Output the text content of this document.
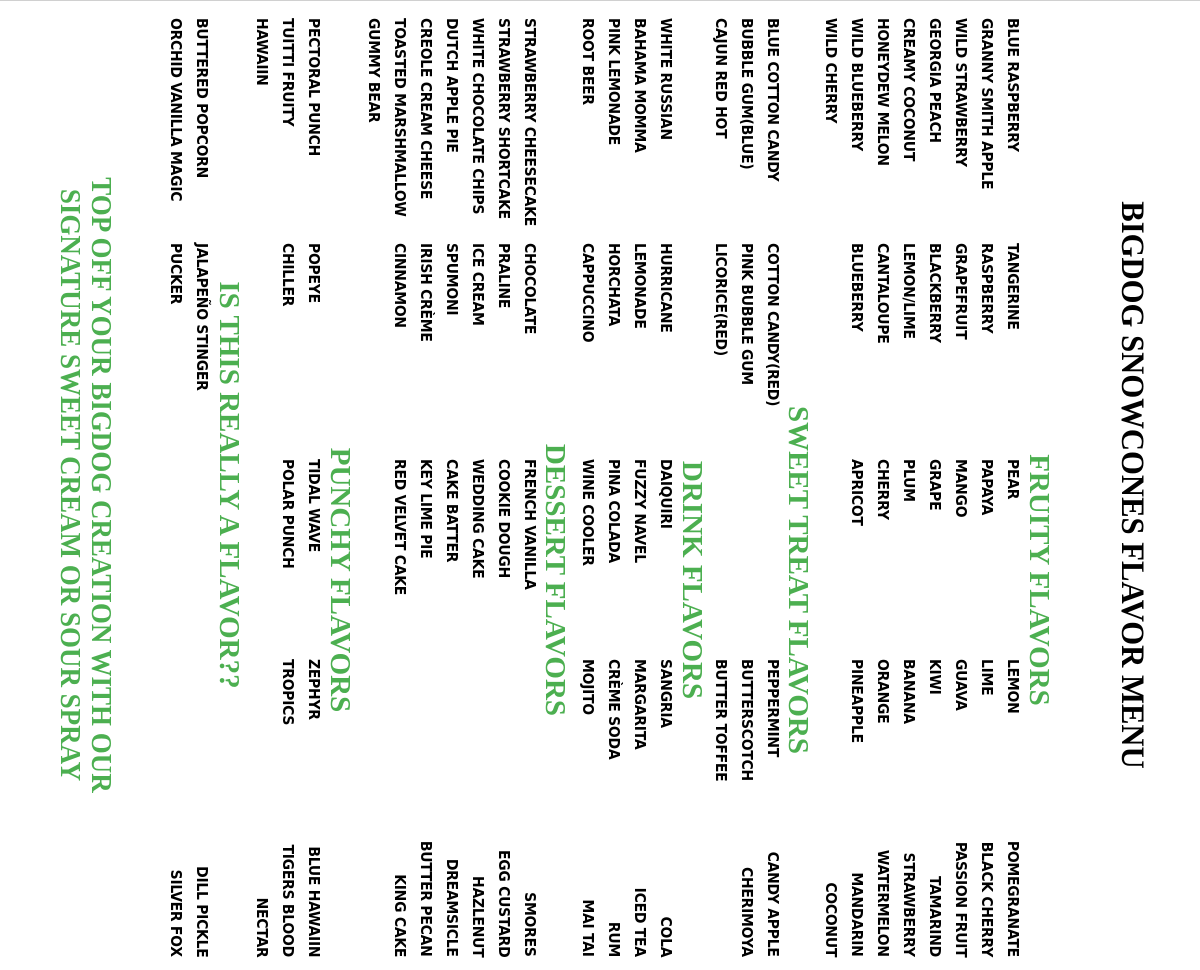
BIGDOG SNOWCONES FLAVOR MENU
FRUITY FLAVORS
BLUE RASPBERRY
TANGERINE
PEAR
LEMON
POMEGRANATE
GRANNY SMITH APPLE
RASPBERRY
PAPAYA
LIME
BLACK CHERRY
WILD STRAWBERRY
GRAPEFRUIT
MANGO
GUAVA
PASSION FRUIT
GEORGIA PEACH
BLACKBERRY
GRAPE
KIWI
TAMARIND
CREAMY COCONUT
LEMON/LIME
PLUM
BANANA
STRAWBERRY
HONEYDEW MELON
CANTALOUPE
CHERRY
ORANGE
WATERMELON
WILD BLUEBERRY
BLUEBERRY
APRICOT
PINEAPPLE
MANDARIN
WILD CHERRY
COCONUT
SWEET TREAT FLAVORS
BLUE COTTON CANDY
COTTON CANDY(RED)
PEPPERMINT
CANDY APPLE
BUBBLE GUM(BLUE)
PINK BUBBLE GUM
BUTTERSCOTCH
CHERIMOYA
CAJUN RED HOT
LICORICE(RED)
BUTTER TOFFEE
DRINK FLAVORS
WHITE RUSSIAN
HURRICANE
DAIQUIRI
SANGRIA
COLA
BAHAMA MOMMA
LEMONADE
FUZZY NAVEL
MARGARITA
ICED TEA
PINK LEMONADE
HORCHATA
PINA COLADA
CRÈME SODA
RUM
ROOT BEER
CAPPUCCINO
WINE COOLER
MOJITO
MAI TAI
DESSERT FLAVORS
STRAWBERRY CHEESECAKE
CHOCOLATE
FRENCH VANILLA
SMORES
STRAWBERRY SHORTCAKE
PRALINE
COOKIE DOUGH
EGG CUSTARD
WHITE CHOCOLATE CHIPS
ICE CREAM
WEDDING CAKE
HAZLENUT
DUTCH APPLE PIE
SPUMONI
CAKE BATTER
DREAMSICLE
CREOLE CREAM CHEESE
IRISH CRÈME
KEY LIME PIE
BUTTER PECAN
TOASTED MARSHMALLOW
CINNAMON
RED VELVET CAKE
KING CAKE
GUMMY BEAR
PUNCHY FLAVORS
PECTORAL PUNCH
POPEYE
TIDAL WAVE
ZEPHYR
BLUE HAWAIIN
TUITTI FRUITY
CHILLER
POLAR PUNCH
TROPICS
TIGERS BLOOD
HAWAIIN
NECTAR
IS THIS REALLY A FLAVOR??
BUTTERED POPCORN
JALAPEÑO STINGER
DILL PICKLE
ORCHID VANILLA MAGIC
PUCKER
SILVER FOX
TOP OFF YOUR BIGDOG CREATION WITH OUR
SIGNATURE SWEET CREAM OR SOUR SPRAY
